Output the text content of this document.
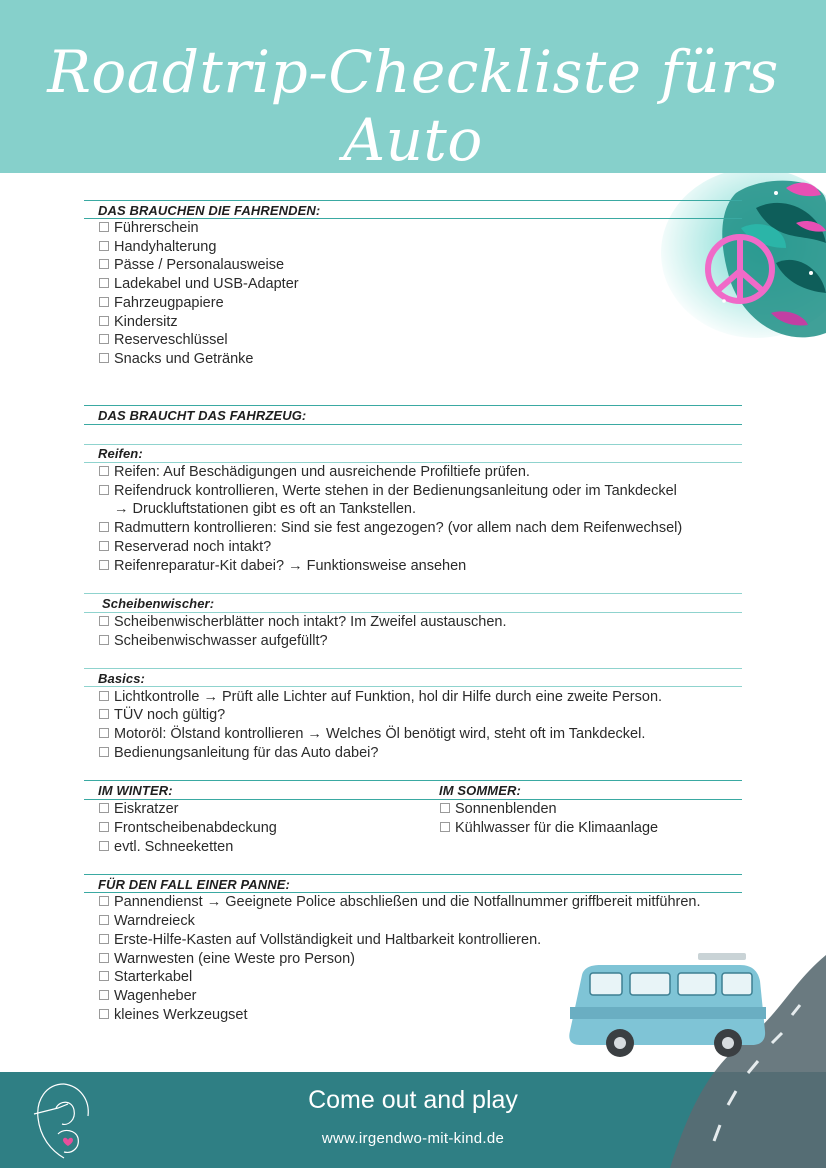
Roadtrip-Checkliste fürs Auto
DAS BRAUCHEN DIE FAHRENDEN:
Führerschein
Handyhalterung
Pässe / Personalausweise
Ladekabel und USB-Adapter
Fahrzeugpapiere
Kindersitz
Reserveschlüssel
Snacks und Getränke
DAS BRAUCHT DAS FAHRZEUG:
Reifen:
Reifen: Auf Beschädigungen und ausreichende Profiltiefe prüfen.
Reifendruck kontrollieren, Werte stehen in der Bedienungsanleitung oder im Tankdeckel
→ Druckluftstationen gibt es oft an Tankstellen.
Radmuttern kontrollieren: Sind sie fest angezogen? (vor allem nach dem Reifenwechsel)
Reserverad noch intakt?
Reifenreparatur-Kit dabei? → Funktionsweise ansehen
Scheibenwischer:
Scheibenwischerblätter noch intakt? Im Zweifel austauschen.
Scheibenwischwasser aufgefüllt?
Basics:
Lichtkontrolle → Prüft alle Lichter auf Funktion, hol dir Hilfe durch eine zweite Person.
TÜV noch gültig?
Motoröl: Ölstand kontrollieren → Welches Öl benötigt wird, steht oft im Tankdeckel.
Bedienungsanleitung für das Auto dabei?
IM WINTER:	IM SOMMER:
Eiskratzer
Frontscheibenabdeckung
evtl. Schneeketten
Sonnenblenden
Kühlwasser für die Klimaanlage
FÜR DEN FALL EINER PANNE:
Pannendienst → Geeignete Police abschließen und die Notfallnummer griffbereit mitführen.
Warndreieck
Erste-Hilfe-Kasten auf Vollständigkeit und Haltbarkeit kontrollieren.
Warnwesten (eine Weste pro Person)
Starterkabel
Wagenheber
kleines Werkzeugset
Come out and play
www.irgendwo-mit-kind.de
